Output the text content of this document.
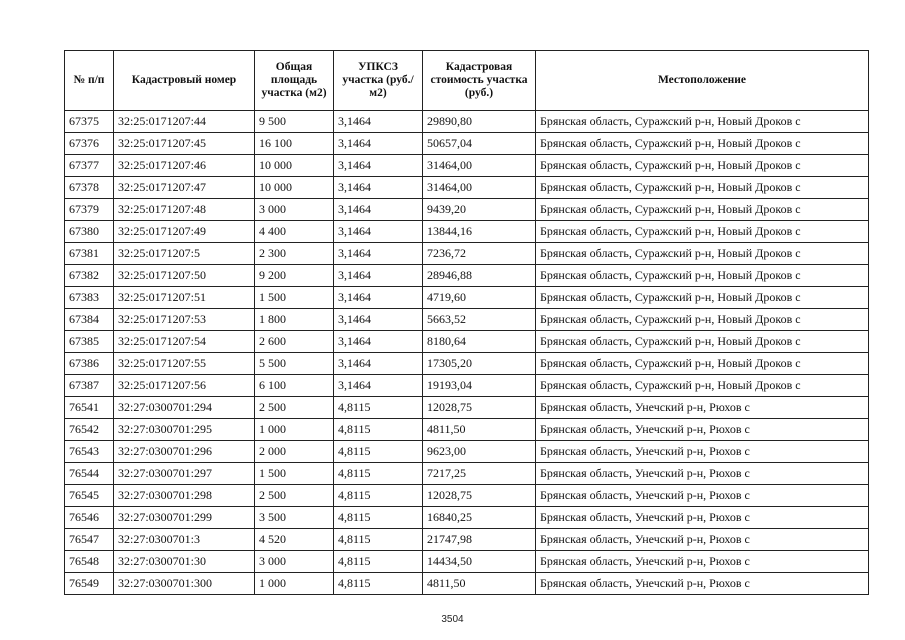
№ п/п	Кадастровый номер	Общая площадь участка (м2)	УПКСЗ участка (руб./м2)	Кадастровая стоимость участка (руб.)	Местоположение
67375	32:25:0171207:44	9 500	3,1464	29890,80	Брянская область, Суражский р-н, Новый Дроков с
67376	32:25:0171207:45	16 100	3,1464	50657,04	Брянская область, Суражский р-н, Новый Дроков с
67377	32:25:0171207:46	10 000	3,1464	31464,00	Брянская область, Суражский р-н, Новый Дроков с
67378	32:25:0171207:47	10 000	3,1464	31464,00	Брянская область, Суражский р-н, Новый Дроков с
67379	32:25:0171207:48	3 000	3,1464	9439,20	Брянская область, Суражский р-н, Новый Дроков с
67380	32:25:0171207:49	4 400	3,1464	13844,16	Брянская область, Суражский р-н, Новый Дроков с
67381	32:25:0171207:5	2 300	3,1464	7236,72	Брянская область, Суражский р-н, Новый Дроков с
67382	32:25:0171207:50	9 200	3,1464	28946,88	Брянская область, Суражский р-н, Новый Дроков с
67383	32:25:0171207:51	1 500	3,1464	4719,60	Брянская область, Суражский р-н, Новый Дроков с
67384	32:25:0171207:53	1 800	3,1464	5663,52	Брянская область, Суражский р-н, Новый Дроков с
67385	32:25:0171207:54	2 600	3,1464	8180,64	Брянская область, Суражский р-н, Новый Дроков с
67386	32:25:0171207:55	5 500	3,1464	17305,20	Брянская область, Суражский р-н, Новый Дроков с
67387	32:25:0171207:56	6 100	3,1464	19193,04	Брянская область, Суражский р-н, Новый Дроков с
76541	32:27:0300701:294	2 500	4,8115	12028,75	Брянская область, Унечский р-н, Рюхов с
76542	32:27:0300701:295	1 000	4,8115	4811,50	Брянская область, Унечский р-н, Рюхов с
76543	32:27:0300701:296	2 000	4,8115	9623,00	Брянская область, Унечский р-н, Рюхов с
76544	32:27:0300701:297	1 500	4,8115	7217,25	Брянская область, Унечский р-н, Рюхов с
76545	32:27:0300701:298	2 500	4,8115	12028,75	Брянская область, Унечский р-н, Рюхов с
76546	32:27:0300701:299	3 500	4,8115	16840,25	Брянская область, Унечский р-н, Рюхов с
76547	32:27:0300701:3	4 520	4,8115	21747,98	Брянская область, Унечский р-н, Рюхов с
76548	32:27:0300701:30	3 000	4,8115	14434,50	Брянская область, Унечский р-н, Рюхов с
76549	32:27:0300701:300	1 000	4,8115	4811,50	Брянская область, Унечский р-н, Рюхов с
3504
